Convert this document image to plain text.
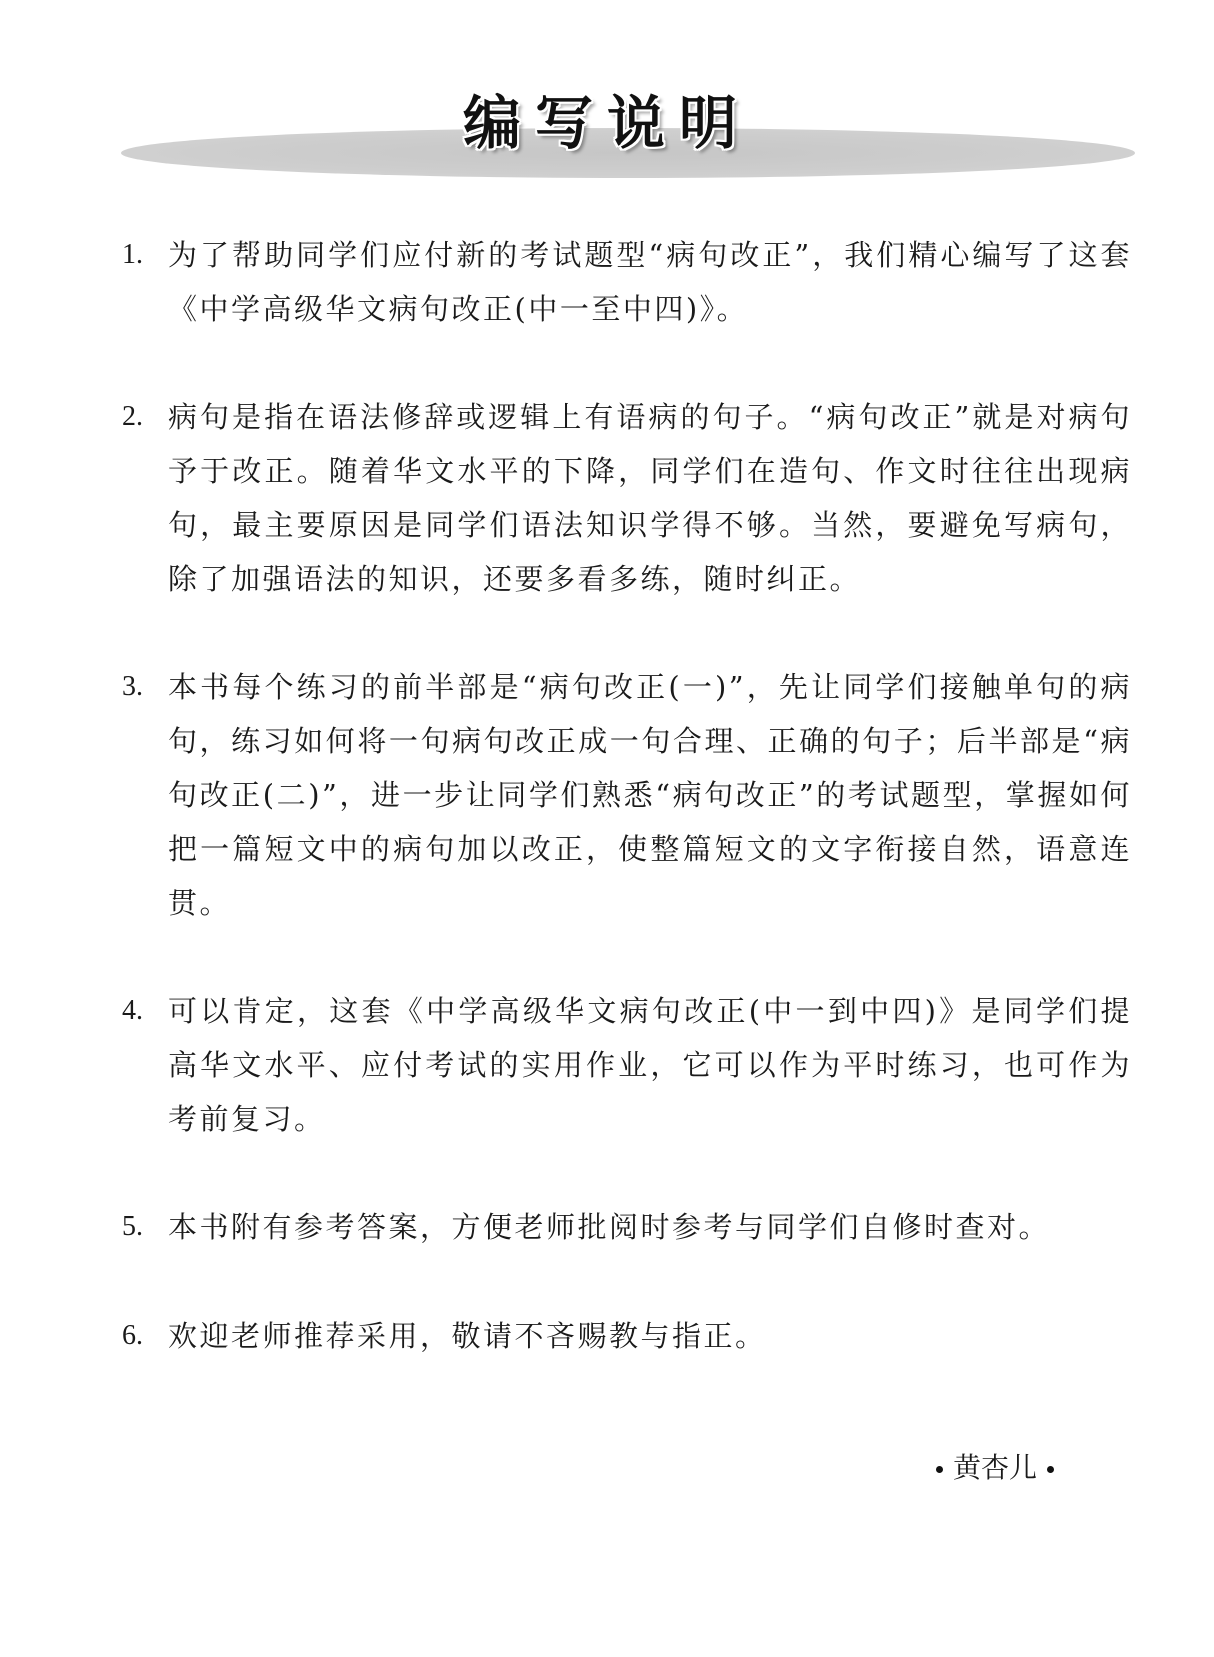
编写说明
1. 为了帮助同学们应付新的考试题型“病句改正”，我们精心编写了这套《中学高级华文病句改正(中一至中四)》。
2. 病句是指在语法修辞或逻辑上有语病的句子。“病句改正”就是对病句予于改正。随着华文水平的下降，同学们在造句、作文时往往出现病句，最主要原因是同学们语法知识学得不够。当然，要避免写病句，除了加强语法的知识，还要多看多练，随时纠正。
3. 本书每个练习的前半部是“病句改正(一)”，先让同学们接触单句的病句，练习如何将一句病句改正成一句合理、正确的句子；后半部是“病句改正(二)”，进一步让同学们熟悉“病句改正”的考试题型，掌握如何把一篇短文中的病句加以改正，使整篇短文的文字衔接自然，语意连贯。
4. 可以肯定，这套《中学高级华文病句改正(中一到中四)》是同学们提高华文水平、应付考试的实用作业，它可以作为平时练习，也可作为考前复习。
5. 本书附有参考答案，方便老师批阅时参考与同学们自修时查对。
6. 欢迎老师推荐采用，敬请不吝赐教与指正。
黄杏儿
